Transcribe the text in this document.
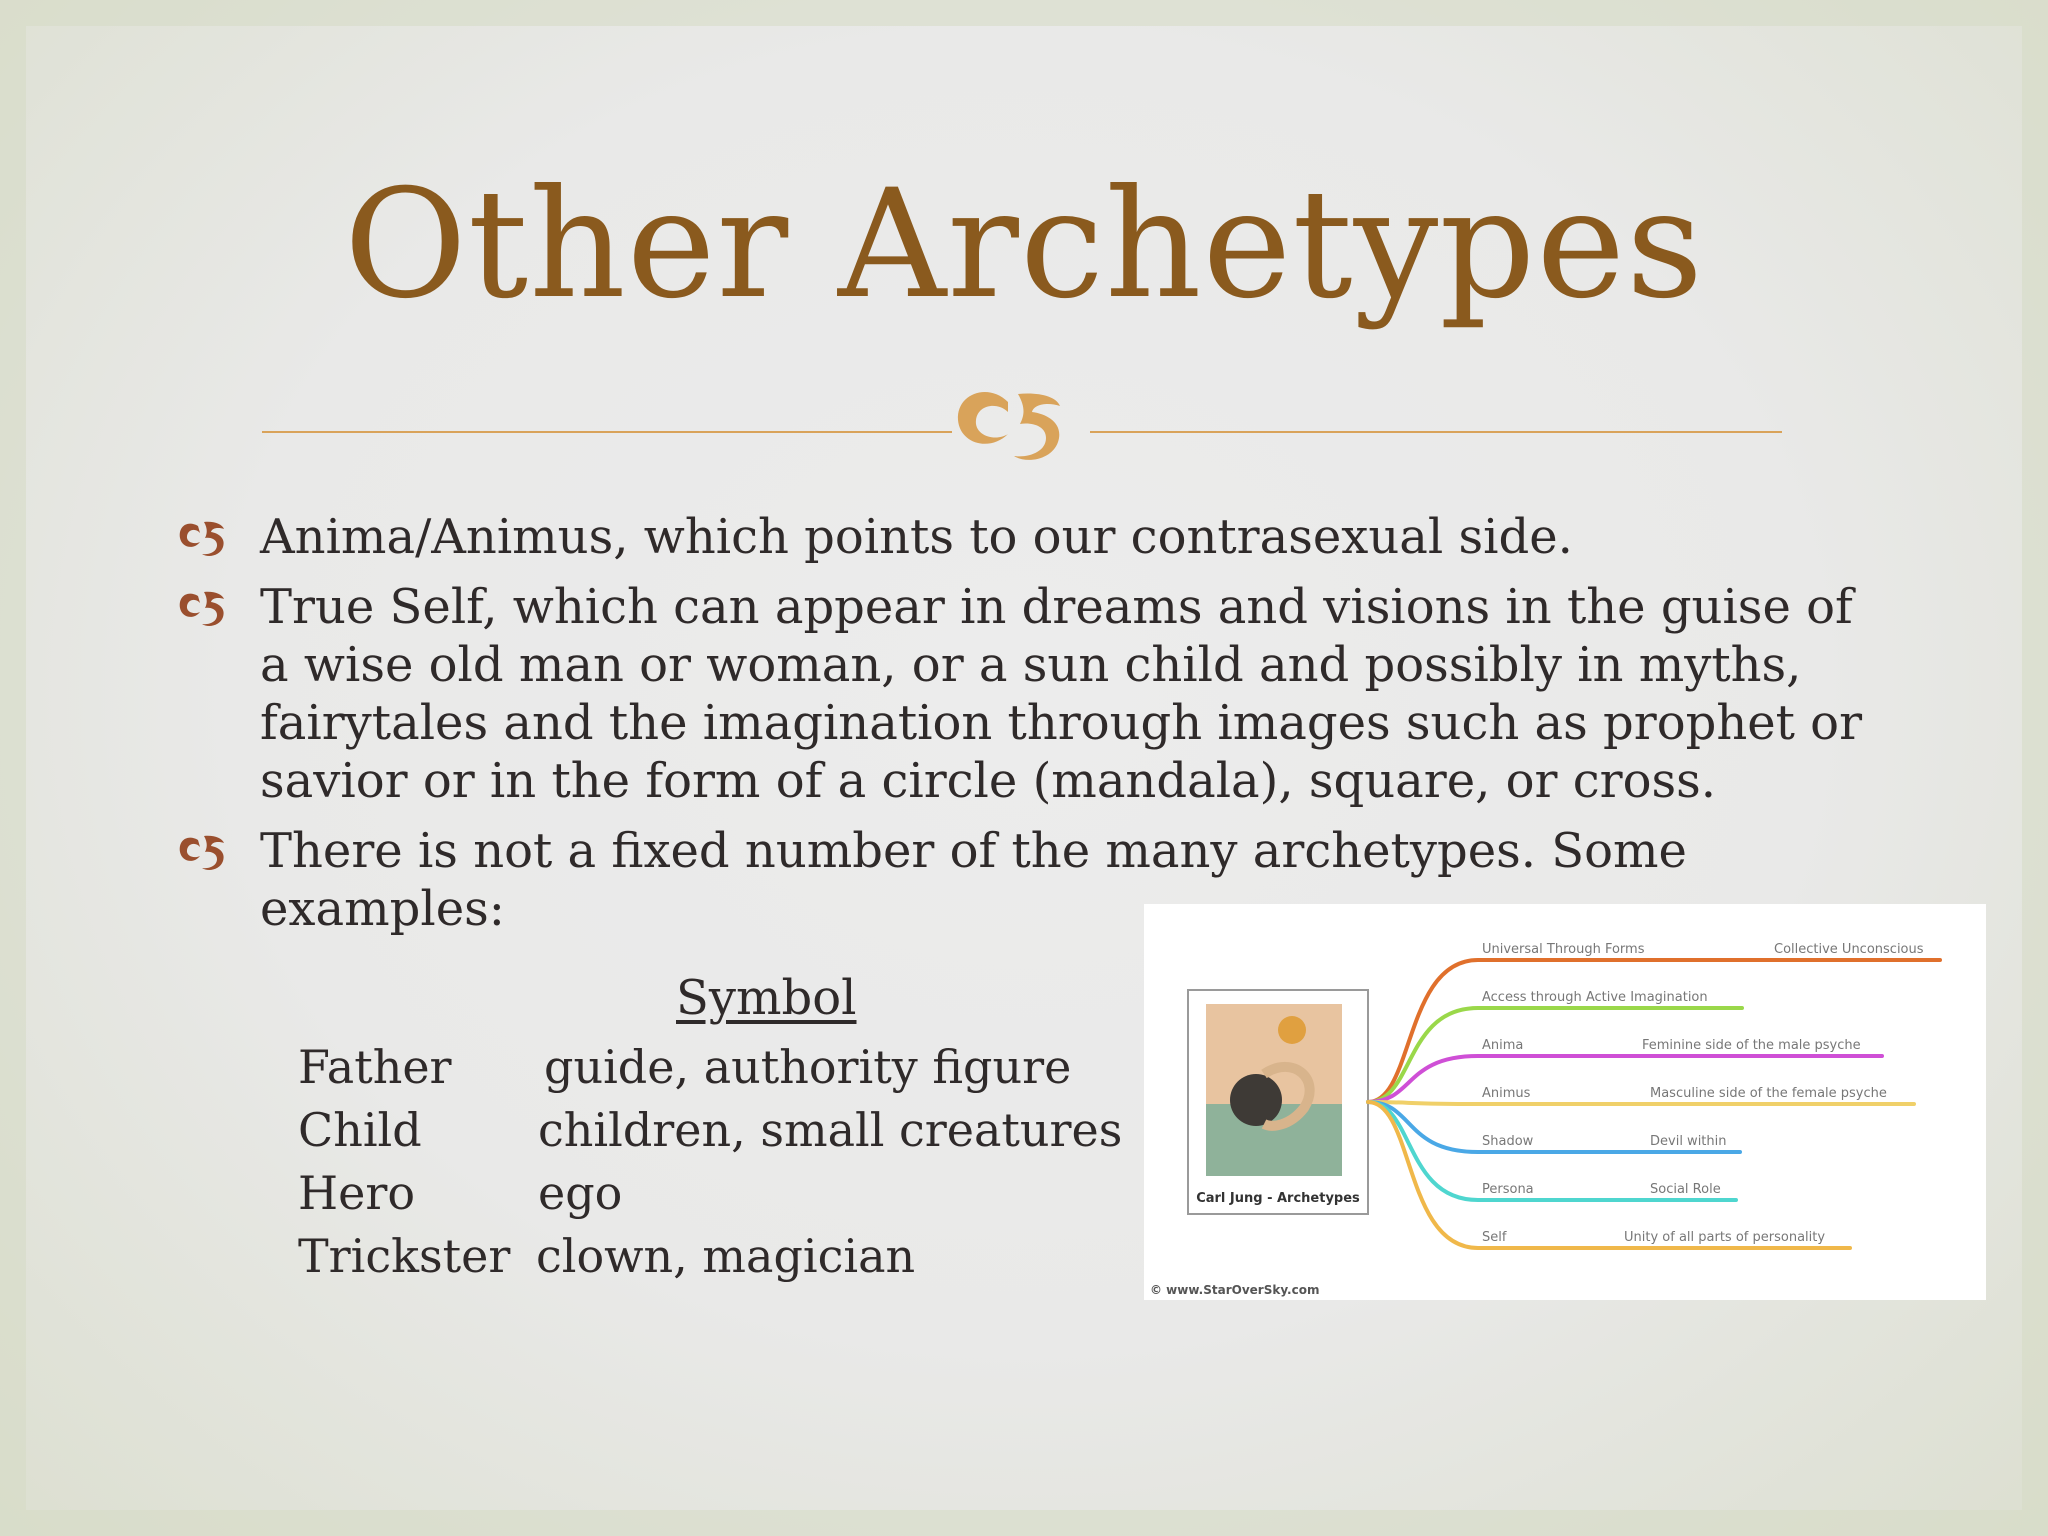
Other Archetypes
Anima/Animus, which points to our contrasexual side.
True Self, which can appear in dreams and visions in the guise of a wise old man or woman, or a sun child and possibly in myths, fairytales and the imagination through images such as prophet or savior or in the form of a circle (mandala), square, or cross.
There is not a fixed number of the many archetypes. Some examples:
Symbol
Father guide, authority figure
Child	children, small creatures
Hero	ego
Trickster clown, magician
Carl Jung - Archetypes
© www.StarOverSky.com
Universal Through Forms	Collective Unconscious
Access through Active Imagination
Anima	Feminine side of the male psyche
Animus	Masculine side of the female psyche
Shadow	Devil within
Persona	Social Role
Self	Unity of all parts of personality
